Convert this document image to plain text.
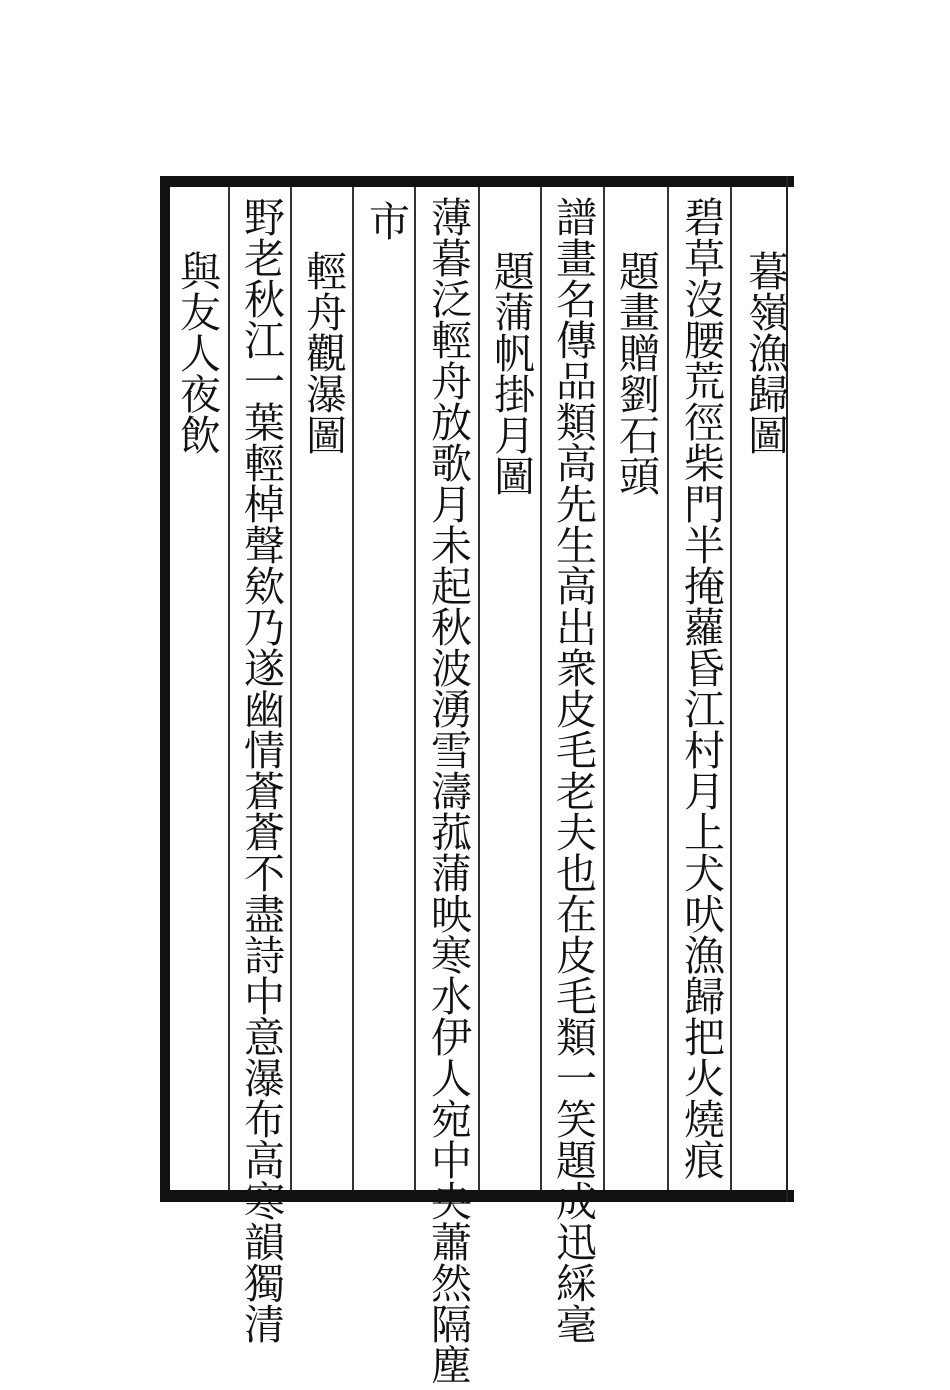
暮嶺漁歸圖
碧草沒腰荒徑柴門半掩蘿昏江村月上犬吠漁歸把火燒痕
題畫贈劉石頭
譜畫名傳品類高先生高出衆皮毛老夫也在皮毛類一笑題成迅綵毫
題蒲帆掛月圖
薄暮泛輕舟放歌月未起秋波湧雪濤菰蒲映寒水伊人宛中央蕭然隔塵
市
輕舟觀瀑圖
野老秋江一葉輕棹聲欸乃遂幽情蒼蒼不盡詩中意瀑布高寒韻獨清
與友人夜飲
